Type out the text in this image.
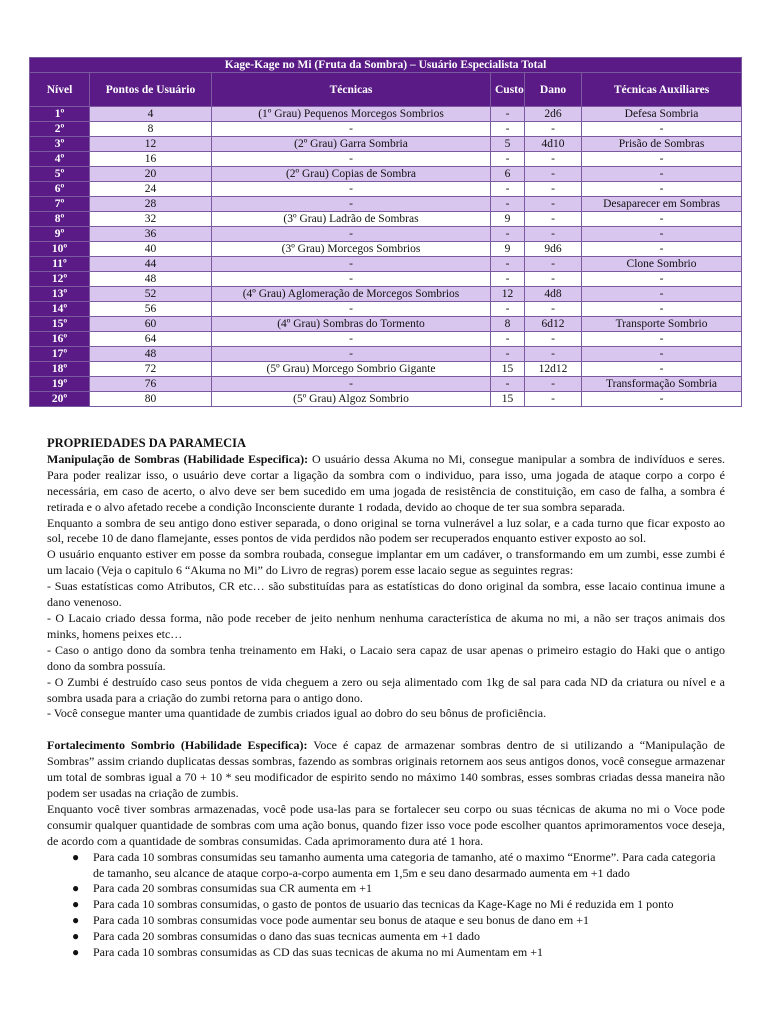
Kage-Kage no Mi (Fruta da Sombra) – Usuário Especialista Total					
Nível	Pontos de Usuário	Técnicas	Custo	Dano	Técnicas Auxiliares
1º	4	(1º Grau) Pequenos Morcegos Sombrios	-	2d6	Defesa Sombria
2º	8	-	-	-	-
3º	12	(2º Grau) Garra Sombria	5	4d10	Prisão de Sombras
4º	16	-	-	-	-
5º	20	(2º Grau) Copias de Sombra	6	-	-
6º	24	-	-	-	-
7º	28	-	-	-	Desaparecer em Sombras
8º	32	(3º Grau) Ladrão de Sombras	9	-	-
9º	36	-	-	-	-
10º	40	(3º Grau) Morcegos Sombrios	9	9d6	-
11º	44	-	-	-	Clone Sombrio
12º	48	-	-	-	-
13º	52	(4º Grau) Aglomeração de Morcegos Sombrios	12	4d8	-
14º	56	-	-	-	-
15º	60	(4º Grau) Sombras do Tormento	8	6d12	Transporte Sombrio
16º	64	-	-	-	-
17º	48	-	-	-	-
18º	72	(5º Grau) Morcego Sombrio Gigante	15	12d12	-
19º	76	-	-	-	Transformação Sombria
20º	80	(5º Grau) Algoz Sombrio	15	-	-

PROPRIEDADES DA PARAMECIA

Manipulação de Sombras (Habilidade Especifica): O usuário dessa Akuma no Mi, consegue manipular a sombra de indivíduos e seres. Para poder realizar isso, o usuário deve cortar a ligação da sombra com o individuo, para isso, uma jogada de ataque corpo a corpo é necessária, em caso de acerto, o alvo deve ser bem sucedido em uma jogada de resistência de constituição, em caso de falha, a sombra é retirada e o alvo afetado recebe a condição Inconsciente durante 1 rodada, devido ao choque de ter sua sombra separada.

Enquanto a sombra de seu antigo dono estiver separada, o dono original se torna vulnerável a luz solar, e a cada turno que ficar exposto ao sol, recebe 10 de dano flamejante, esses pontos de vida perdidos não podem ser recuperados enquanto estiver exposto ao sol.

O usuário enquanto estiver em posse da sombra roubada, consegue implantar em um cadáver, o transformando em um zumbi, esse zumbi é um lacaio (Veja o capitulo 6 “Akuma no Mi” do Livro de regras) porem esse lacaio segue as seguintes regras:

- Suas estatísticas como Atributos, CR etc… são substituídas para as estatísticas do dono original da sombra, esse lacaio continua imune a dano venenoso.

- O Lacaio criado dessa forma, não pode receber de jeito nenhum nenhuma característica de akuma no mi, a não ser traços animais dos minks, homens peixes etc…

- Caso o antigo dono da sombra tenha treinamento em Haki, o Lacaio sera capaz de usar apenas o primeiro estagio do Haki que o antigo dono da sombra possuía.

- O Zumbi é destruído caso seus pontos de vida cheguem a zero ou seja alimentado com 1kg de sal para cada ND da criatura ou nível e a sombra usada para a criação do zumbi retorna para o antigo dono.

- Você consegue manter uma quantidade de zumbis criados igual ao dobro do seu bônus de proficiência.

Fortalecimento Sombrio (Habilidade Especifica): Voce é capaz de armazenar sombras dentro de si utilizando a “Manipulação de Sombras” assim criando duplicatas dessas sombras, fazendo as sombras originais retornem aos seus antigos donos, você consegue armazenar um total de sombras igual a 70 + 10 * seu modificador de espirito sendo no máximo 140 sombras, esses sombras criadas dessa maneira não podem ser usadas na criação de zumbis.

Enquanto você tiver sombras armazenadas, você pode usa-las para se fortalecer seu corpo ou suas técnicas de akuma no mi o Voce pode consumir qualquer quantidade de sombras com uma ação bonus, quando fizer isso voce pode escolher quantos aprimoramentos voce deseja, de acordo com a quantidade de sombras consumidas. Cada aprimoramento dura até 1 hora.

● Para cada 10 sombras consumidas seu tamanho aumenta uma categoria de tamanho, até o maximo “Enorme”. Para cada categoria de tamanho, seu alcance de ataque corpo-a-corpo aumenta em 1,5m e seu dano desarmado aumenta em +1 dado
● Para cada 20 sombras consumidas sua CR aumenta em +1
● Para cada 10 sombras consumidas, o gasto de pontos de usuario das tecnicas da Kage-Kage no Mi é reduzida em 1 ponto
● Para cada 10 sombras consumidas voce pode aumentar seu bonus de ataque e seu bonus de dano em +1
● Para cada 20 sombras consumidas o dano das suas tecnicas aumenta em +1 dado
● Para cada 10 sombras consumidas as CD das suas tecnicas de akuma no mi Aumentam em +1
